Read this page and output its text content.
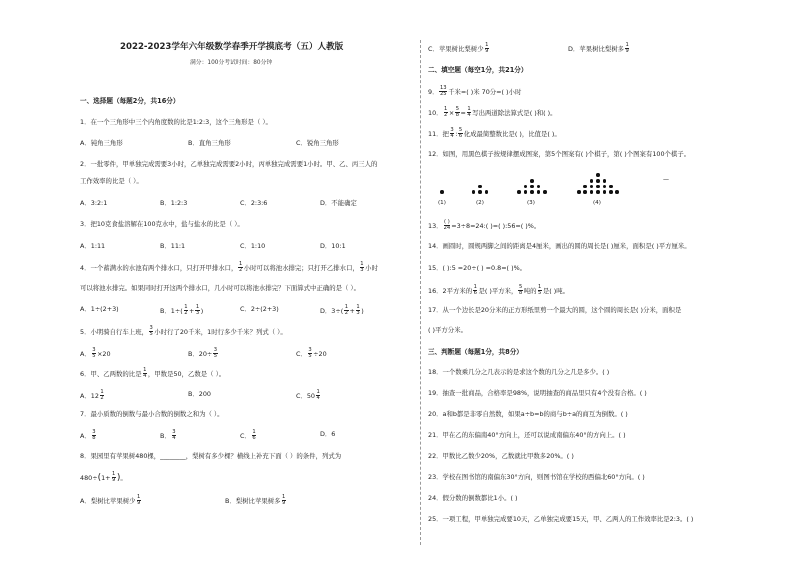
2022-2023学年六年级数学春季开学摸底考（五）人教版
满分：100分考试时间：80分钟
一、选择题（每题2分，共16分）
1．在一个三角形中三个内角度数的比是1:2:3，这个三角形是（ ）。
A．钝角三角形	B．直角三角形	C．锐角三角形
2．一批零件，甲单独完成需要3小时，乙单独完成需要2小时，丙单独完成需要1小时。甲、乙、丙三人的
工作效率的比是（ ）。
A．3:2:1	B．1:2:3	C．2:3:6	D．不能确定
3．把10克食盐溶解在100克水中，盐与盐水的比是（ ）。
A．1:11	B．11:1	C．1:10	D．10:1
4．一个蓄满水的水池有两个排水口，只打开甲排水口， $\frac{1}{2}$ 小时可以将池水排完；只打开乙排水口， $\frac{1}{3}$ 小时
可以将池水排完。如果同时打开这两个排水口，几小时可以将池水排完？下面算式中正确的是（ ）。
A．1÷(2+3)	B．$1\div( \frac{1}{2} + \frac{1}{3}$ )	C．2÷(2+3)	D．$3\div( \frac{1}{2} + \frac{1}{3}$ )
5．小明骑自行车上班， $\frac{3}{5}$ 小时行了20千米，1时行多少千米？列式（ ）。
A． $\frac{3}{5} \times 20$	B．$20\div \frac{3}{5}$	C． $\frac{3}{5} \div 20$
6．甲、乙两数的比是 $\frac{1}{4}$ ，甲数是50，乙数是（ ）。
A．$12 \frac{1}{2}$	B．200	C．$50 \frac{1}{4}$
7．最小质数的倒数与最小合数的倒数之和为（ ）。
A． $\frac{3}{8}$	B． $\frac{3}{4}$	C． $\frac{1}{6}$	D．6
8．果园里有苹果树480棵，________，梨树有多少棵？横线上补充下面（ ）的条件，列式为
$480\div(1+ \frac{1}{9}$ )。
A．梨树比苹果树少 $\frac{1}{9}$	B．梨树比苹果树多 $\frac{1}{9}$
C．苹果树比梨树少 $\frac{1}{9}$	D．苹果树比梨树多 $\frac{1}{9}$
二、填空题（每空1分，共21分）
9． $\frac{13}{25}$ 千米=( )米 70分=( )小时
10． $\frac{1}{2} \times \frac{5}{8} = \frac{1}{4}$ 写出两道除法算式是( )和( )。
11．把 $\frac{3}{4}$ : $\frac{5}{6}$ 化成最简整数比是( )，比值是( )。
12．如图，用黑色棋子按规律摆成图案，第5个图案有( )个棋子，第( )个图案有100个棋子。
(1)	(2)	(3)	(4)
—
13． $\frac{( )}{24}$ =3÷8=24:( )=( ):56=( )%。
14．画圆时，圆规两脚之间的距离是4厘米，画出的圆的周长是( )厘米，面积是( )平方厘米。
15．( ):5 =20÷( ) =0.8=( )%。
16．2平方米的 $\frac{1}{6}$ 是( )平方米， $\frac{5}{8}$ 吨的 $\frac{1}{5}$ 是( )吨。
17．从一个边长是20分米的正方形纸里剪一个最大的圆，这个圆的周长是( )分米，面积是
( )平方分米。
三、判断题（每题1分，共8分）
18．一个数乘几分之几表示的是求这个数的几分之几是多少。( )
19．抽查一批商品，合格率是98%，说明抽查的商品里只有4个没有合格。( )
20．a和b都是非零自然数，如果a÷b=b的商与b÷a的商互为倒数。( )
21．甲在乙的东偏南40°方向上，还可以说成南偏东40°的方向上。( )
22．甲数比乙数少20%，乙数就比甲数多20%。( )
23．学校在图书馆的南偏东30°方向，则图书馆在学校的西偏北60°方向。( )
24．假分数的倒数都比1小。( )
25．一项工程，甲单独完成要10天，乙单独完成要15天，甲、乙两人的工作效率比是2:3。( )
